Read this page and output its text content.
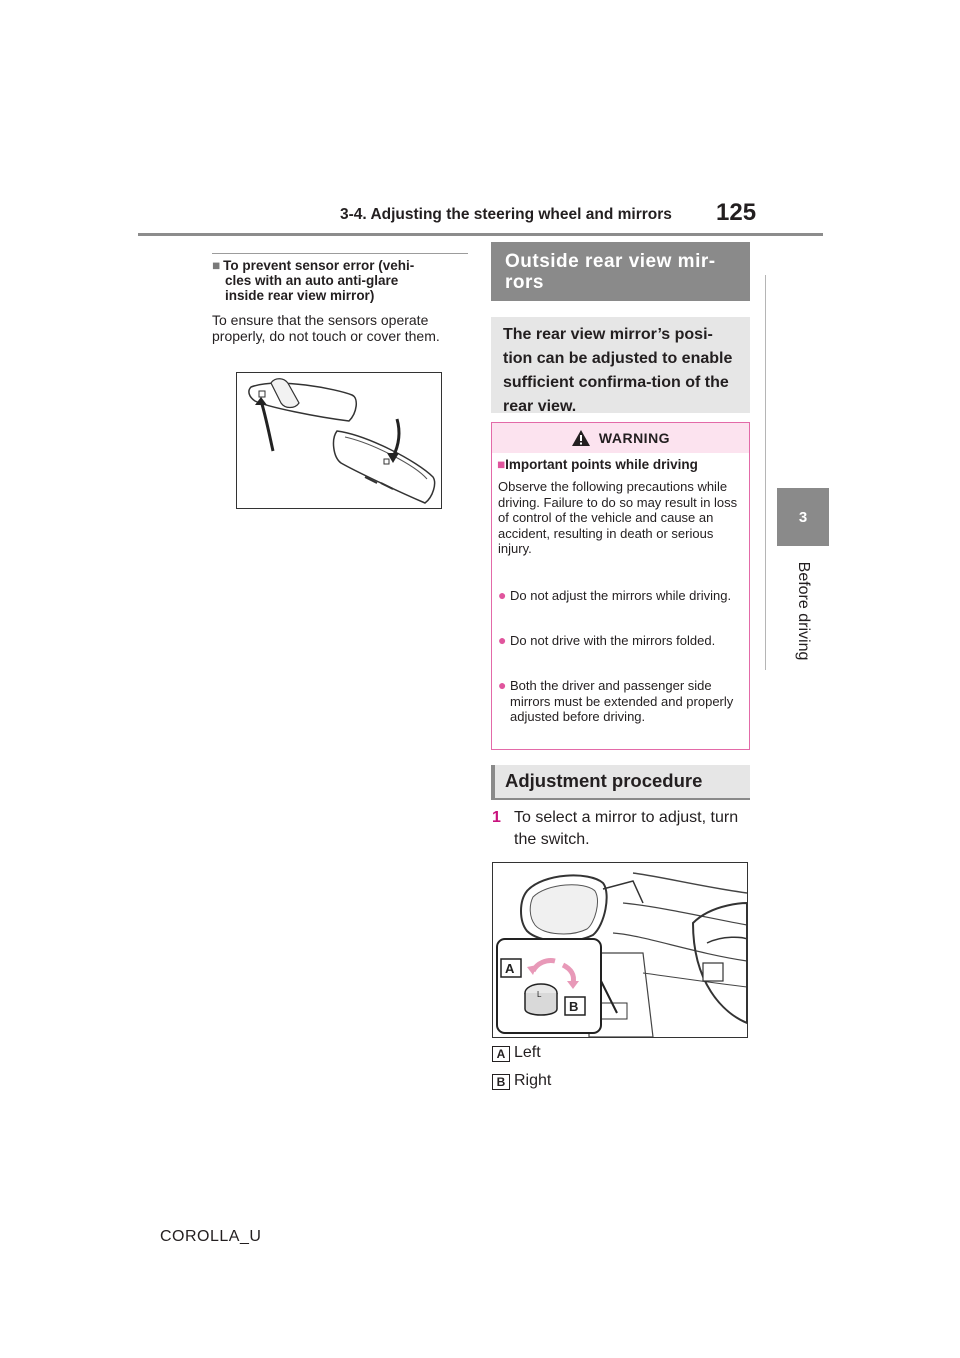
3-4. Adjusting the steering wheel and mirrors 125
3
Before driving
■ To prevent sensor error (vehi-
cles with an auto anti-glare
inside rear view mirror)
To ensure that the sensors operate properly, do not touch or cover them.
Outside rear view mir-rors
The rear view mirror’s posi-tion can be adjusted to enable sufficient confirma-tion of the rear view.
WARNING
■Important points while driving
Observe the following precautions while driving. Failure to do so may result in loss of control of the vehicle and cause an accident, resulting in death or serious injury.
● Do not adjust the mirrors while driving.
● Do not drive with the mirrors folded.
● Both the driver and passenger side mirrors must be extended and properly adjusted before driving.
Adjustment procedure
1 To select a mirror to adjust, turn the switch.
L
A
B
A Left
B Right
COROLLA_U
